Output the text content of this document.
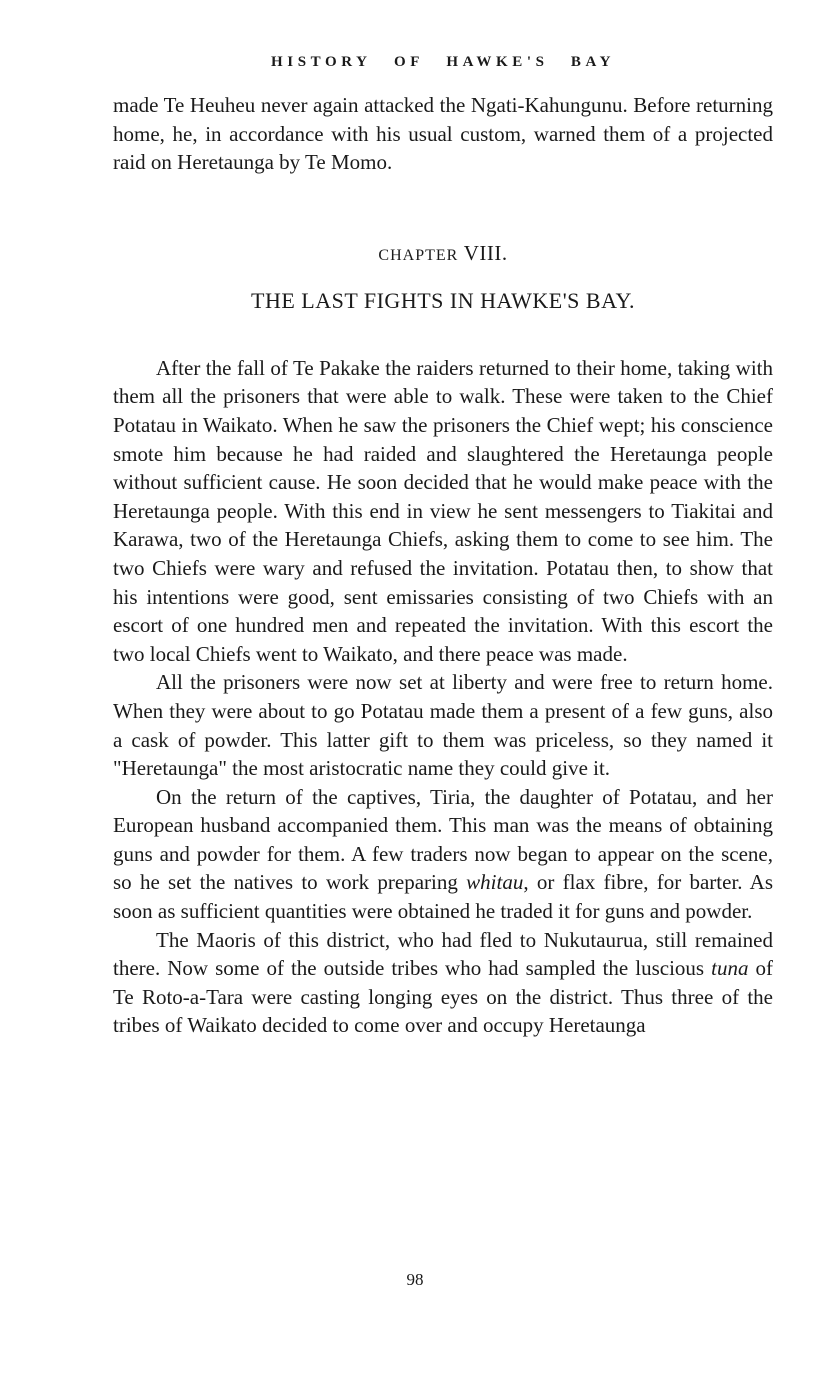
HISTORY OF HAWKE'S BAY

made Te Heuheu never again attacked the Ngati-Kahungunu. Before returning home, he, in accordance with his usual custom, warned them of a projected raid on Heretaunga by Te Momo.

CHAPTER VIII.
THE LAST FIGHTS IN HAWKE'S BAY.

After the fall of Te Pakake the raiders returned to their home, taking with them all the prisoners that were able to walk. These were taken to the Chief Potatau in Waikato. When he saw the prisoners the Chief wept; his conscience smote him because he had raided and slaughtered the Heretaunga people without sufficient cause. He soon decided that he would make peace with the Heretaunga people. With this end in view he sent messengers to Tiakitai and Karawa, two of the Heretaunga Chiefs, asking them to come to see him. The two Chiefs were wary and refused the invitation. Potatau then, to show that his intentions were good, sent emissaries consisting of two Chiefs with an escort of one hundred men and repeated the invitation. With this escort the two local Chiefs went to Waikato, and there peace was made.

All the prisoners were now set at liberty and were free to return home. When they were about to go Potatau made them a present of a few guns, also a cask of powder. This latter gift to them was priceless, so they named it "Heretaunga" the most aristocratic name they could give it.

On the return of the captives, Tiria, the daughter of Potatau, and her European husband accompanied them. This man was the means of obtaining guns and powder for them. A few traders now began to appear on the scene, so he set the natives to work preparing whitau, or flax fibre, for barter. As soon as sufficient quantities were obtained he traded it for guns and powder.

The Maoris of this district, who had fled to Nukutaurua, still remained there. Now some of the outside tribes who had sampled the luscious tuna of Te Roto-a-Tara were casting longing eyes on the district. Thus three of the tribes of Waikato decided to come over and occupy Heretaunga

98
